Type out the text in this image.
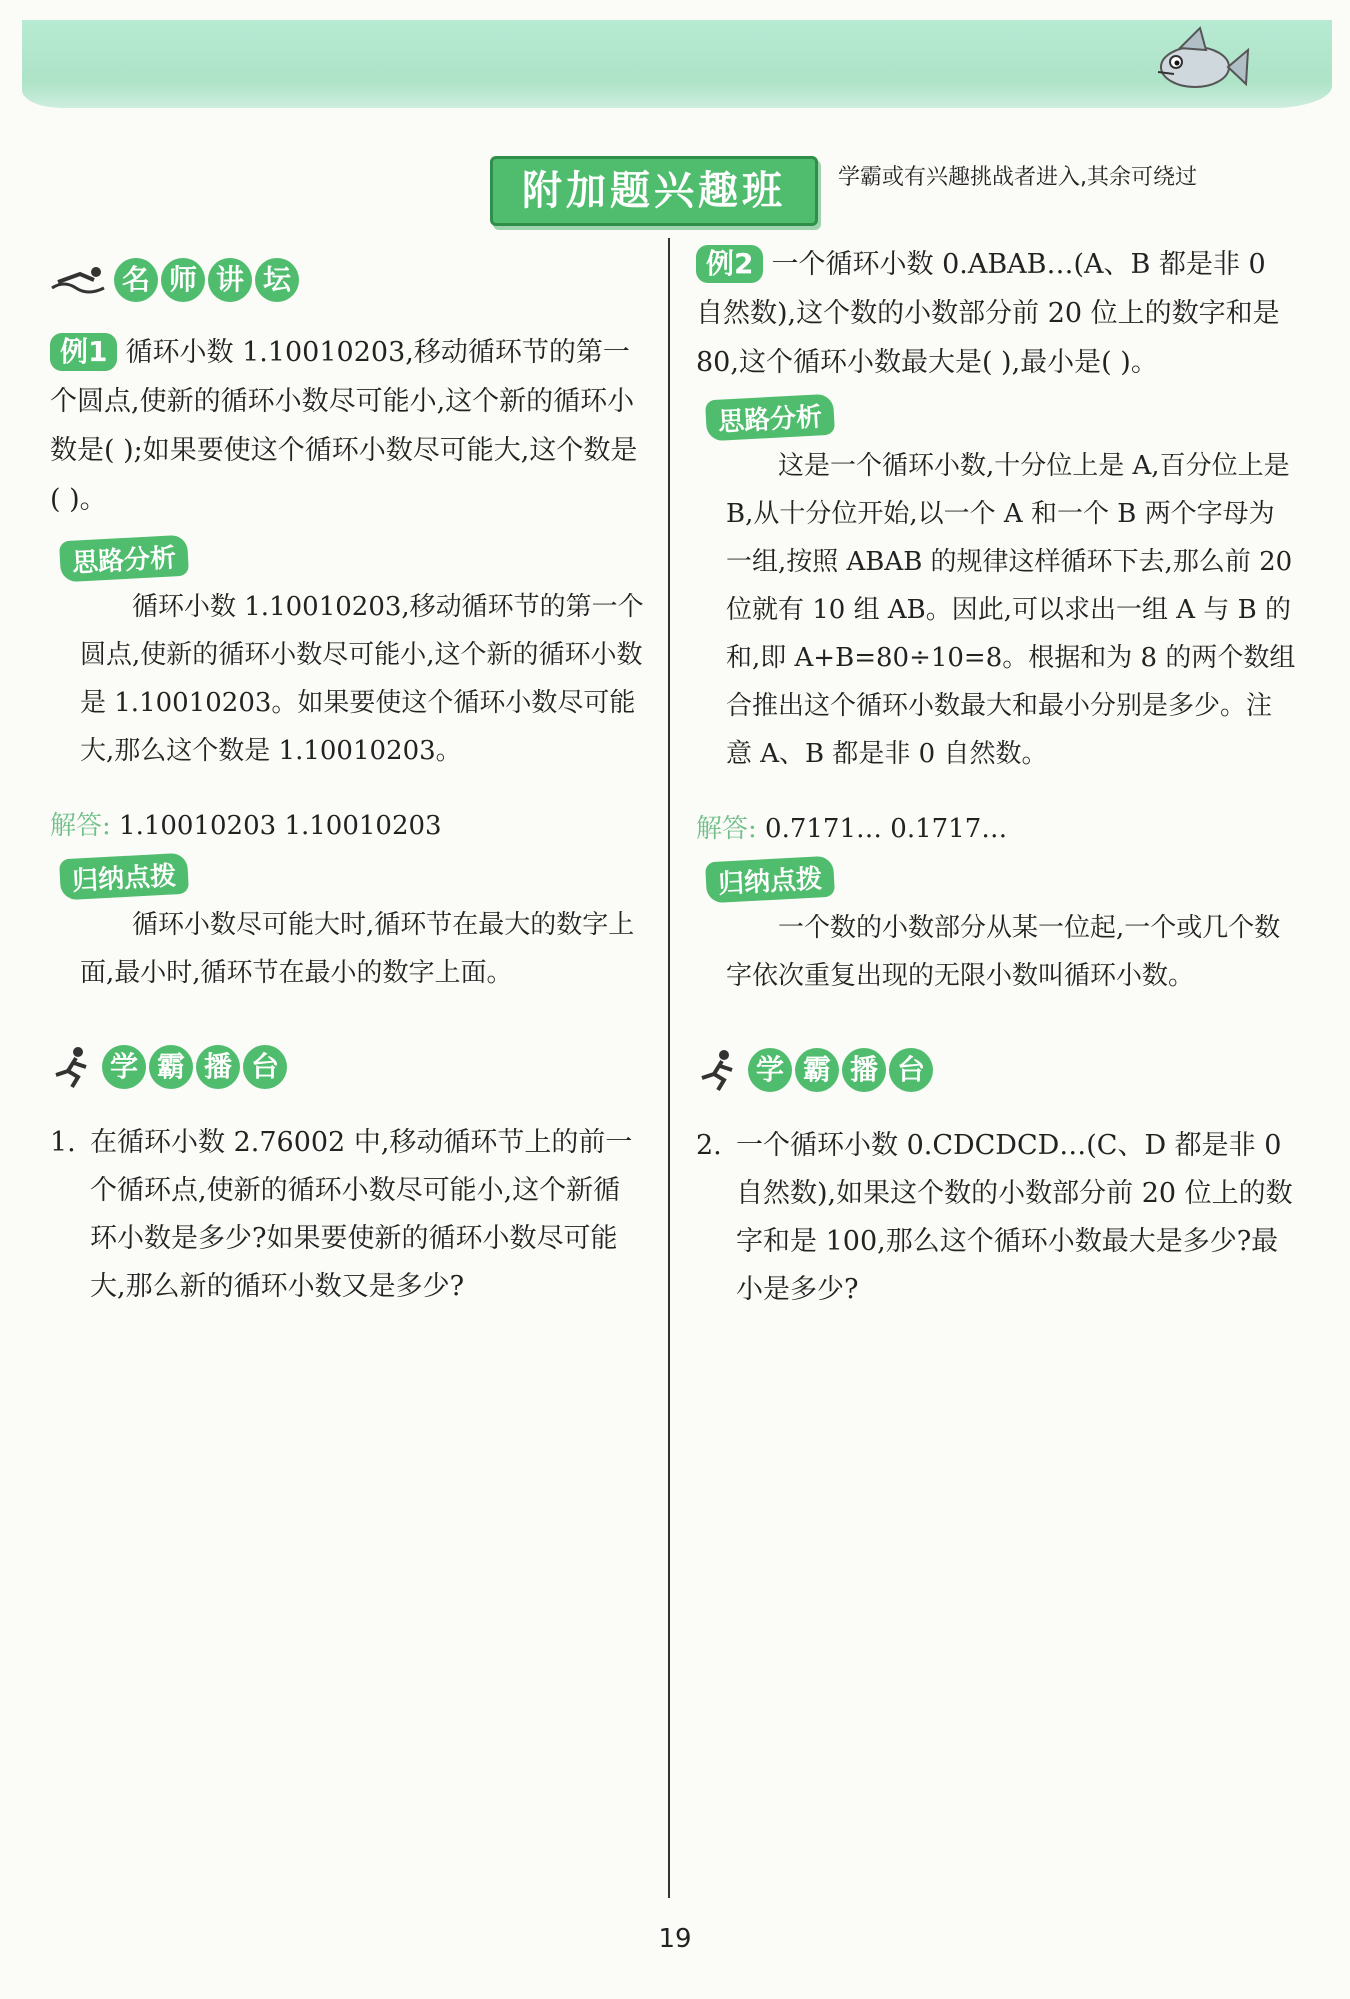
附加题兴趣班	学霸或有兴趣挑战者进入,其余可绕过
名 师 讲 坛
例1 循环小数 1.10010203,移动循环节的第一个圆点,使新的循环小数尽可能小,这个新的循环小数是( );如果要使这个循环小数尽可能大,这个数是( )。
思路分析
循环小数 1.10010203,移动循环节的第一个圆点,使新的循环小数尽可能小,这个新的循环小数是 1.10010203。如果要使这个循环小数尽可能大,那么这个数是 1.10010203。
解答: 1.10010203 1.10010203
归纳点拨
循环小数尽可能大时,循环节在最大的数字上面,最小时,循环节在最小的数字上面。
学 霸 播 台
1. 在循环小数 2.76002 中,移动循环节上的前一个循环点,使新的循环小数尽可能小,这个新循环小数是多少?如果要使新的循环小数尽可能大,那么新的循环小数又是多少?
例2 一个循环小数 0.ABAB…(A、B 都是非 0 自然数),这个数的小数部分前 20 位上的数字和是 80,这个循环小数最大是( ),最小是( )。
思路分析
这是一个循环小数,十分位上是 A,百分位上是 B,从十分位开始,以一个 A 和一个 B 两个字母为一组,按照 ABAB 的规律这样循环下去,那么前 20 位就有 10 组 AB。因此,可以求出一组 A 与 B 的和,即 A+B=80÷10=8。根据和为 8 的两个数组合推出这个循环小数最大和最小分别是多少。注意 A、B 都是非 0 自然数。
解答: 0.7171… 0.1717…
归纳点拨
一个数的小数部分从某一位起,一个或几个数字依次重复出现的无限小数叫循环小数。
学 霸 播 台
2. 一个循环小数 0.CDCDCD…(C、D 都是非 0 自然数),如果这个数的小数部分前 20 位上的数字和是 100,那么这个循环小数最大是多少?最小是多少?
19
